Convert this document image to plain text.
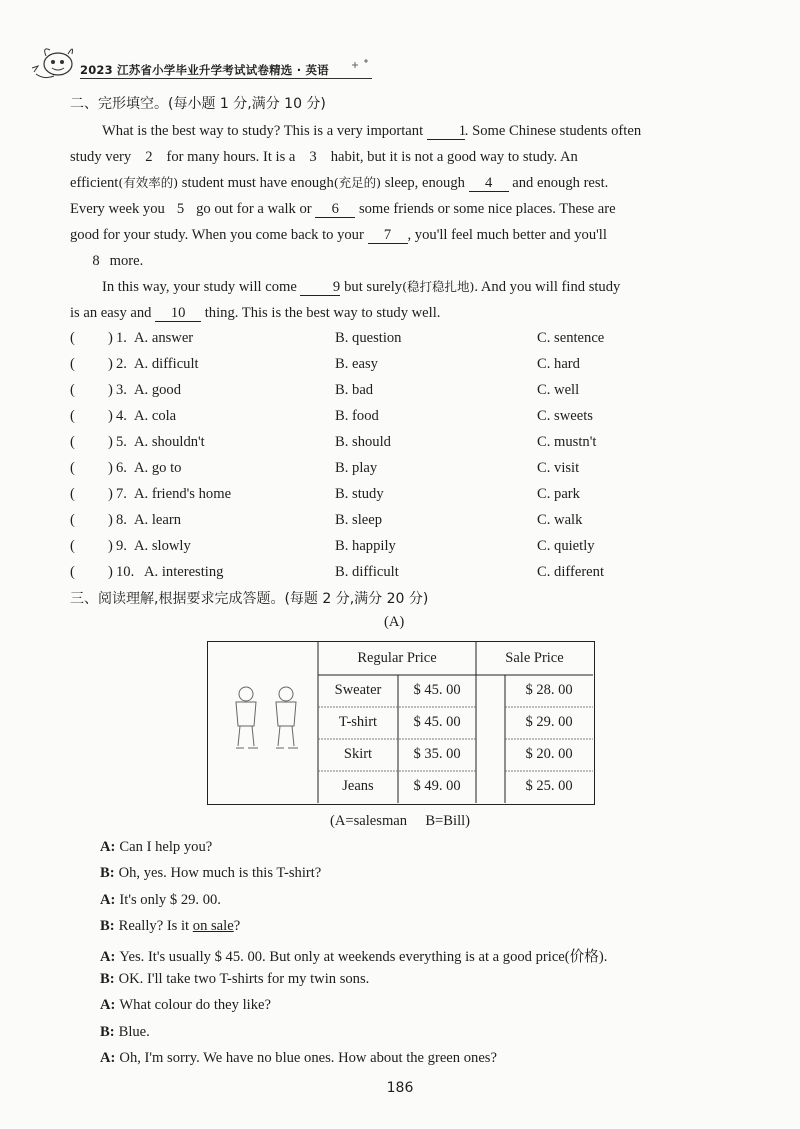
2023 江苏省小学毕业升学考试试卷精选 · 英语
二、完形填空。(每小题 1 分,满分 10 分)
What is the best way to study? This is a very important 1. Some Chinese students often
study very 2 for many hours. It is a 3 habit, but it is not a good way to study. An
efficient(有效率的) student must have enough(充足的) sleep, enough 4 and enough rest.
Every week you 5 go out for a walk or 6 some friends or some nice places. These are
good for your study. When you come back to your 7 , you'll feel much better and you'll
8 more.
In this way, your study will come 9 but surely(稳打稳扎地). And you will find study
is an easy and 10 thing. This is the best way to study well.
( ) 1. A. answer	B. question	C. sentence
( ) 2. A. difficult	B. easy	C. hard
( ) 3. A. good	B. bad	C. well
( ) 4. A. cola	B. food	C. sweets
( ) 5. A. shouldn't	B. should	C. mustn't
( ) 6. A. go to	B. play	C. visit
( ) 7. A. friend's home	B. study	C. park
( ) 8. A. learn	B. sleep	C. walk
( ) 9. A. slowly	B. happily	C. quietly
( ) 10. A. interesting	B. difficult	C. different
三、阅读理解,根据要求完成答题。(每题 2 分,满分 20 分)
(A)
Regular Price	Sale Price
Sweater	$ 45. 00	$ 28. 00
T-shirt	$ 45. 00	$ 29. 00
Skirt	$ 35. 00	$ 20. 00
Jeans	$ 49. 00	$ 25. 00
(A=salesman     B=Bill)
A: Can I help you?
B: Oh, yes. How much is this T-shirt?
A: It's only $ 29. 00.
B: Really? Is it on sale?
A: Yes. It's usually $ 45. 00. But only at weekends everything is at a good price(价格).
B: OK. I'll take two T-shirts for my twin sons.
A: What colour do they like?
B: Blue.
A: Oh, I'm sorry. We have no blue ones. How about the green ones?
186
